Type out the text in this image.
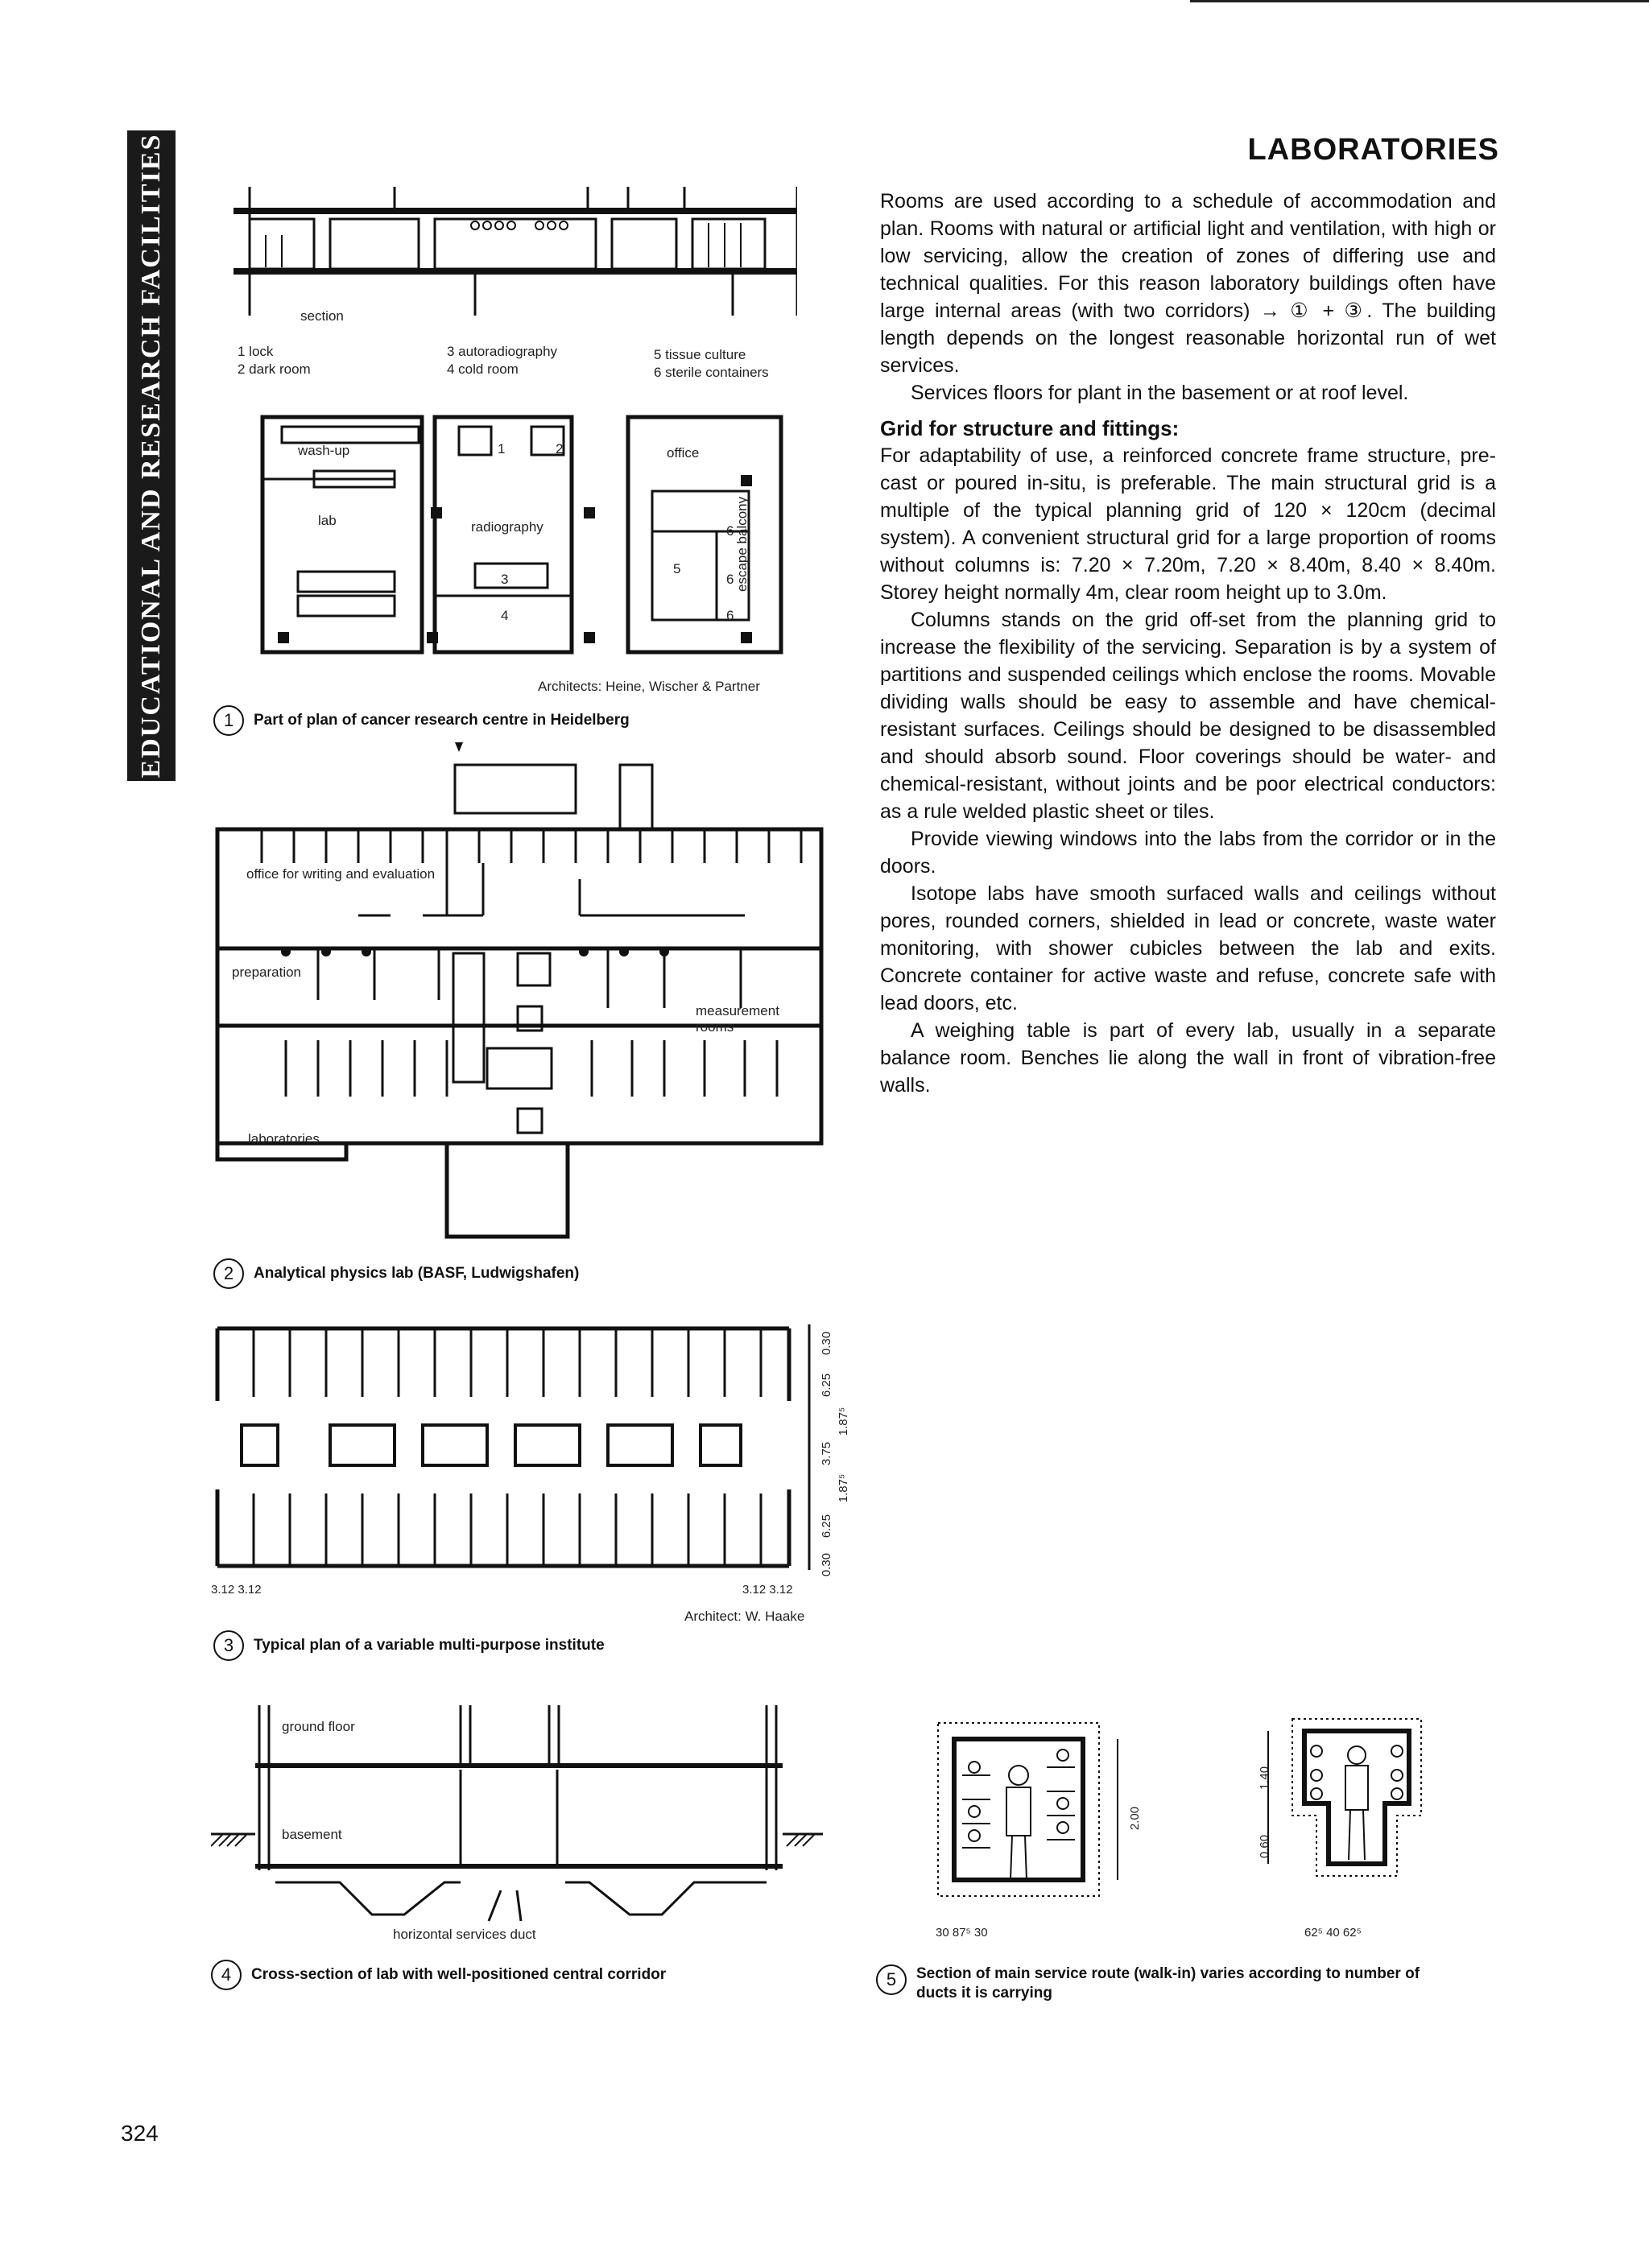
EDUCATIONAL AND RESEARCH FACILITIES	LABORATORIES

Rooms are used according to a schedule of accommodation and plan. Rooms with natural or artificial light and ventilation, with high or low servicing, allow the creation of zones of differing use and technical qualities. For this reason laboratory buildings often have large internal areas (with two corridors) → ① + ③. The building length depends on the longest reasonable horizontal run of wet services.

Services floors for plant in the basement or at roof level.

Grid for structure and fittings:

For adaptability of use, a reinforced concrete frame structure, pre-cast or poured in-situ, is preferable. The main structural grid is a multiple of the typical planning grid of 120 × 120cm (decimal system). A convenient structural grid for a large proportion of rooms without columns is: 7.20 × 7.20m, 7.20 × 8.40m, 8.40 × 8.40m. Storey height normally 4m, clear room height up to 3.0m.

Columns stands on the grid off-set from the planning grid to increase the flexibility of the servicing. Separation is by a system of partitions and suspended ceilings which enclose the rooms. Movable dividing walls should be easy to assemble and have chemical-resistant surfaces. Ceilings should be designed to be disassembled and should absorb sound. Floor coverings should be water- and chemical-resistant, without joints and be poor electrical conductors: as a rule welded plastic sheet or tiles.

Provide viewing windows into the labs from the corridor or in the doors.

Isotope labs have smooth surfaced walls and ceilings without pores, rounded corners, shielded in lead or concrete, waste water monitoring, with shower cubicles between the lab and exits. Concrete container for active waste and refuse, concrete safe with lead doors, etc.

A weighing table is part of every lab, usually in a separate balance room. Benches lie along the wall in front of vibration-free walls.

section
1 lock
2 dark room
3 autoradiography
4 cold room
5 tissue culture
6 sterile containers
wash-up
lab	radiography
office
escape balcony
1	2
3
4
5
6
6
6
Architects: Heine, Wischer & Partner
1 Part of plan of cancer research centre in Heidelberg
office for writing and evaluation
preparation
measurement rooms
laboratories
2 Analytical physics lab (BASF, Ludwigshafen)
0.30
6.25
1.87⁵
3.75
1.87⁵
6.25
0.30
3.12 3.12	3.12 3.12
Architect: W. Haake
3 Typical plan of a variable multi-purpose institute
ground floor
basement
horizontal services duct
4 Cross-section of lab with well-positioned central corridor
2.00
30 87⁵ 30
1.40
0.60
62⁵ 40 62⁵
5	Section of main service route (walk-in) varies according to number of ducts it is carrying
324
